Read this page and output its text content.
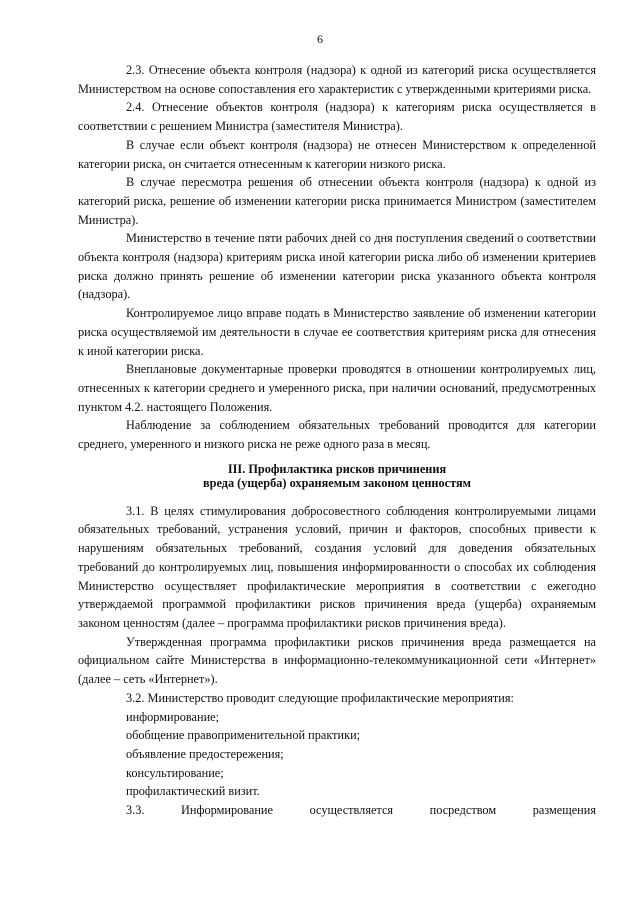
6

2.3. Отнесение объекта контроля (надзора) к одной из категорий риска осуществляется Министерством на основе сопоставления его характеристик с утвержденными критериями риска.

2.4. Отнесение объектов контроля (надзора) к категориям риска осуществляется в соответствии с решением Министра (заместителя Министра).

В случае если объект контроля (надзора) не отнесен Министерством к определенной категории риска, он считается отнесенным к категории низкого риска.

В случае пересмотра решения об отнесении объекта контроля (надзора) к одной из категорий риска, решение об изменении категории риска принимается Министром (заместителем Министра).

Министерство в течение пяти рабочих дней со дня поступления сведений о соответствии объекта контроля (надзора) критериям риска иной категории риска либо об изменении критериев риска должно принять решение об изменении категории риска указанного объекта контроля (надзора).

Контролируемое лицо вправе подать в Министерство заявление об изменении категории риска осуществляемой им деятельности в случае ее соответствия критериям риска для отнесения к иной категории риска.

Внеплановые документарные проверки проводятся в отношении контролируемых лиц, отнесенных к категории среднего и умеренного риска, при наличии оснований, предусмотренных пунктом 4.2. настоящего Положения.

Наблюдение за соблюдением обязательных требований проводится для категории среднего, умеренного и низкого риска не реже одного раза в месяц.

III. Профилактика рисков причинения
вреда (ущерба) охраняемым законом ценностям

3.1. В целях стимулирования добросовестного соблюдения контролируемыми лицами обязательных требований, устранения условий, причин и факторов, способных привести к нарушениям обязательных требований, создания условий для доведения обязательных требований до контролируемых лиц, повышения информированности о способах их соблюдения Министерство осуществляет профилактические мероприятия в соответствии с ежегодно утверждаемой программой профилактики рисков причинения вреда (ущерба) охраняемым законом ценностям (далее – программа профилактики рисков причинения вреда).

Утвержденная программа профилактики рисков причинения вреда размещается на официальном сайте Министерства в информационно-телекоммуникационной сети «Интернет» (далее – сеть «Интернет»).

3.2. Министерство проводит следующие профилактические мероприятия:

информирование;

обобщение правоприменительной практики;

объявление предостережения;

консультирование;

профилактический визит.

3.3. Информирование осуществляется посредством размещения
